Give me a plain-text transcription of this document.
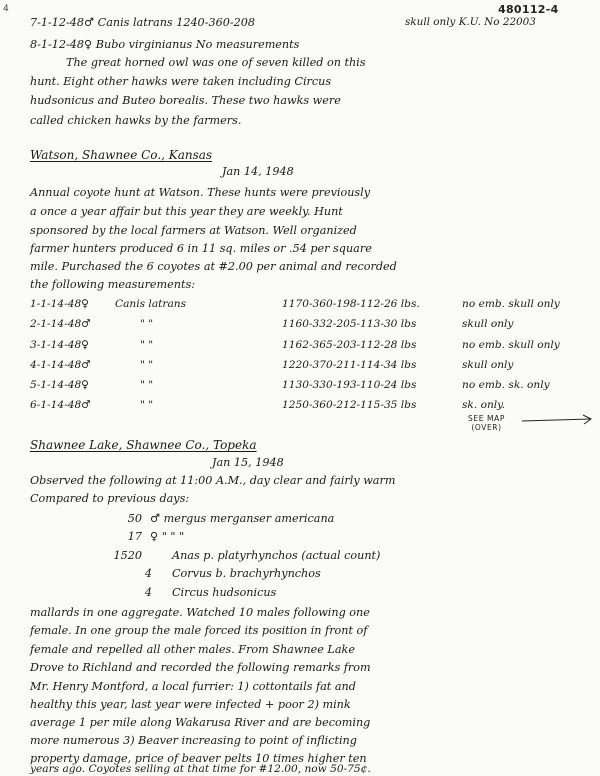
4	480112-4
7-1-12-48♂ Canis latrans 1240-360-208	skull only K.U. No 22003
8-1-12-48♀ Bubo virginianus No measurements
The great horned owl was one of seven killed on this
hunt. Eight other hawks were taken including Circus
hudsonicus and Buteo borealis. These two hawks were
called chicken hawks by the farmers.
Watson, Shawnee Co., Kansas
Jan 14, 1948
Annual coyote hunt at Watson. These hunts were previously
a once a year affair but this year they are weekly. Hunt
sponsored by the local farmers at Watson. Well organized
farmer hunters produced 6 in 11 sq. miles or .54 per square
mile. Purchased the 6 coyotes at #2.00 per animal and recorded
the following measurements:
1-1-14-48♀ Canis latrans	1170-360-198-112-26 lbs.	no emb. skull only
2-1-14-48♂	" "	1160-332-205-113-30 lbs	skull only
3-1-14-48♀	" "	1162-365-203-112-28 lbs	no emb. skull only
4-1-14-48♂	" "	1220-370-211-114-34 lbs	skull only
5-1-14-48♀	" "	1130-330-193-110-24 lbs	no emb. sk. only
6-1-14-48♂	" "	1250-360-212-115-35 lbs	sk. only.
SEE MAP
(OVER)
Shawnee Lake, Shawnee Co., Topeka
Jan 15, 1948
Observed the following at 11:00 A.M., day clear and fairly warm
Compared to previous days:
50 ♂ mergus merganser americana
17 ♀ " " "
1520	Anas p. platyrhynchos (actual count)
4 Corvus b. brachyrhynchos
4 Circus hudsonicus
mallards in one aggregate. Watched 10 males following one
female. In one group the male forced its position in front of
female and repelled all other males. From Shawnee Lake
Drove to Richland and recorded the following remarks from
Mr. Henry Montford, a local furrier: 1) cottontails fat and
healthy this year, last year were infected + poor 2) mink
average 1 per mile along Wakarusa River and are becoming
more numerous 3) Beaver increasing to point of inflicting
property damage, price of beaver pelts 10 times higher ten
years ago. Coyotes selling at that time for #12.00, now 50-75¢.
